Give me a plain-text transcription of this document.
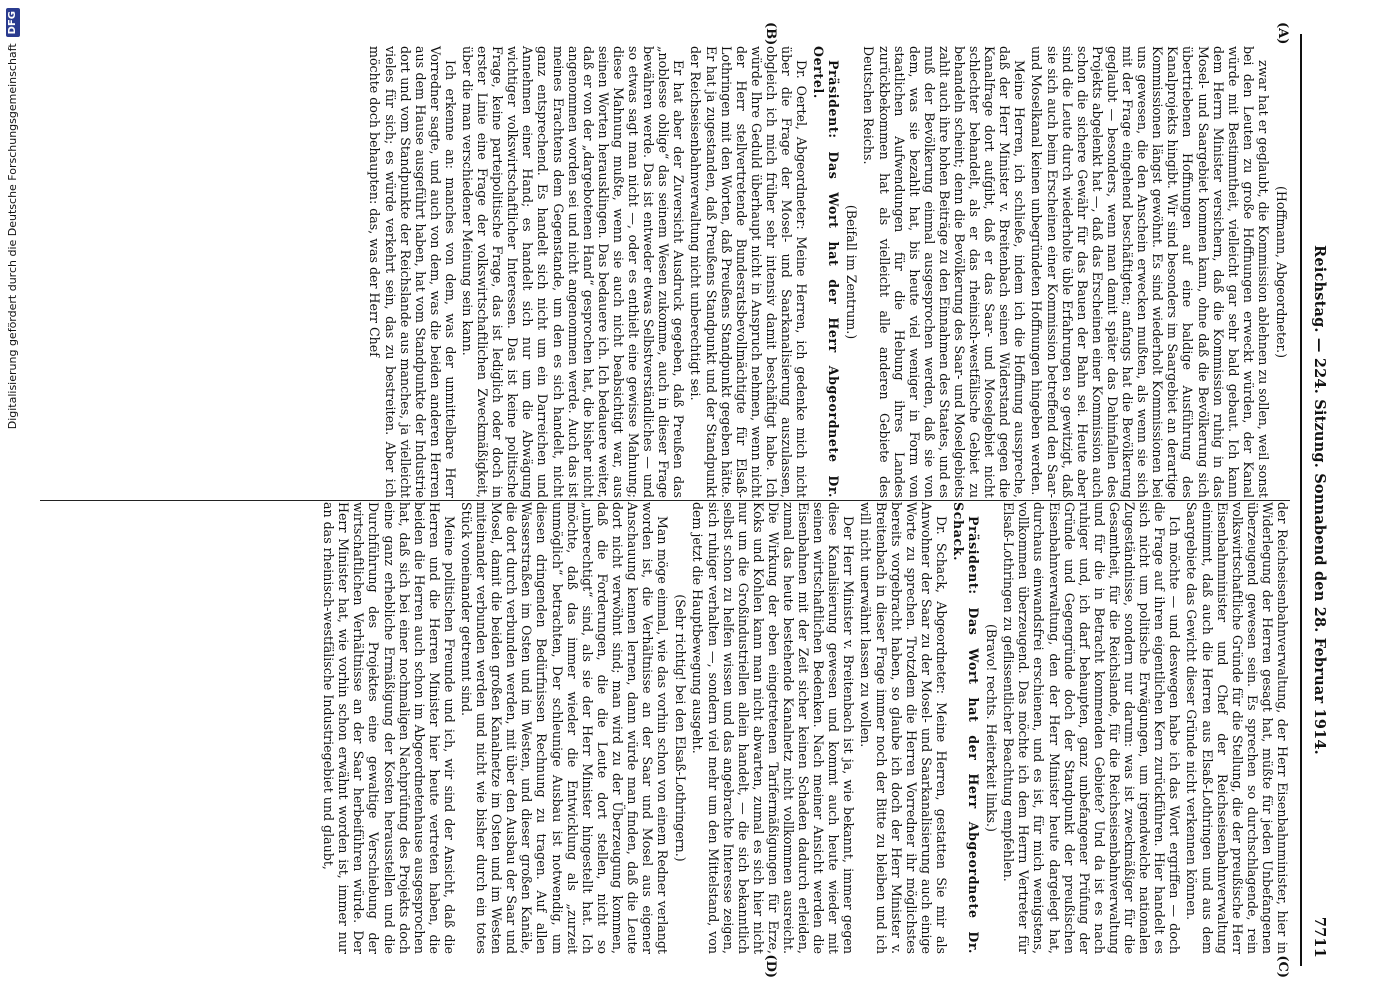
Digitalisierung gefördert durch die Deutsche Forschungsgemeinschaft
DFG
Reichstag. — 224. Sitzung. Sonnabend den 28. Februar 1914.
7711
(A)
(B)

(Hoffmann, Abgeordneter.)

zwar hat er geglaubt, die Kommission ablehnen zu sollen, weil sonst bei den Leuten zu große Hoffnungen erweckt würden, der Kanal würde mit Bestimmtheit, vielleicht gar sehr bald gebaut. Ich kann dem Herrn Minister versichern, daß die Kommission ruhig in das Mosel- und Saargebiet kommen kann, ohne daß die Bevölkerung sich übertriebenen Hoffnungen auf eine baldige Ausführung des Kanalprojekts hingibt. Wir sind besonders im Saargebiet an derartige Kommissionen längst gewöhnt. Es sind wiederholt Kommissionen bei uns gewesen, die den Anschein erwecken mußten, als wenn sie sich mit der Frage eingehend beschäftigten; anfangs hat die Bevölkerung geglaubt — besonders, wenn man damit später das Dahinfallen des Projekts abgelenkt hat —, daß das Erscheinen einer Kommission auch schon die sichere Gewähr für das Bauen der Bahn sei. Heute aber sind die Leute durch wiederholte üble Erfahrungen so gewitzigt, daß sie sich auch beim Erscheinen einer Kommission betreffend den Saar- und Moselkanal keinen unbegründeten Hoffnungen hingeben werden.

Meine Herren, ich schließe, indem ich die Hoffnung ausspreche, daß der Herr Minister v. Breitenbach seinen Widerstand gegen die Kanalfrage dort aufgibt, daß er das Saar- und Moselgebiet nicht schlechter behandelt, als er das rheinisch-westfälische Gebiet zu behandeln scheint; denn die Bevölkerung des Saar- und Moselgebiets zahlt auch ihre hohen Beiträge zu den Einnahmen des Staates, und es muß der Bevölkerung einmal ausgesprochen werden, daß sie von dem, was sie bezahlt hat, bis heute viel weniger in Form von staatlichen Aufwendungen für die Hebung ihres Landes zurückbekommen hat als vielleicht alle anderen Gebiete des Deutschen Reichs.

(Beifall im Zentrum.)

Präsident: Das Wort hat der Herr Abgeordnete Dr. Oertel.

Dr. Oertel, Abgeordneter: Meine Herren, ich gedenke mich nicht über die Frage der Mosel- und Saarkanalisierung auszulassen, obgleich ich mich früher sehr intensiv damit beschäftigt habe. Ich würde Ihre Geduld überhaupt nicht in Anspruch nehmen, wenn nicht der Herr stellvertretende Bundesratsbevollmächtigte für Elsaß-Lothringen mit den Worten, daß Preußens Standpunkt gegeben hätte. Er hat ja zugestanden, daß Preußens Standpunkt und der Standpunkt der Reichseisenbahnverwaltung nicht unberechtigt sei.

Er hat aber der Zuversicht Ausdruck gegeben, daß Preußen das „noblesse oblige“ das seinem Wesen zukomme, auch in dieser Frage bewähren werde. Das ist entweder etwas Selbstverständliches — und so etwas sagt man nicht —, oder es enthielt eine gewisse Mahnung; diese Mahnung mußte, wenn sie auch nicht beabsichtigt war, aus seinen Worten herausklingen. Das bedauere ich. Ich bedauere weiter, daß er von der „dargebotenen Hand“ gesprochen hat, die bisher nicht angenommen worden sei und nicht angenommen werde. Auch das ist meines Erachtens dem Gegenstande, um den es sich handelt, nicht ganz entsprechend. Es handelt sich nicht um ein Darreichen und Annehmen einer Hand; es handelt sich nur um die Abwägung wichtiger volkswirtschaftlicher Interessen. Das ist keine politische Frage, keine parteipolitische Frage, das ist lediglich oder doch in erster Linie eine Frage der volkswirtschaftlichen Zweckmäßigkeit, über die man verschiedener Meinung sein kann.

Ich erkenne an: manches von dem, was der unmittelbare Herr Vorredner sagte, und auch von dem, was die beiden anderen Herren aus dem Hause ausgeführt haben, hat vom Standpunkte der Industrie dort und vom Standpunkte der Reichslande aus manches, ja vielleicht vieles für sich; es würde verkehrt sein, das zu bestreiten. Aber ich möchte doch behaupten: das, was der Herr Chef

(C)
(D)

der Reichseisenbahnverwaltung, der Herr Eisenbahnminister, hier in Widerlegung der Herren gesagt hat, müßte für jeden Unbefangenen überzeugend gewesen sein. Es sprechen so durchschlagende, rein volkswirtschaftliche Gründe für die Stellung, die der preußische Herr Eisenbahnminister und Chef der Reichseisenbahnverwaltung einnimmt, daß auch die Herren aus Elsaß-Lothringen und aus dem Saargebiete das Gewicht dieser Gründe nicht verkennen können.

Ich möchte — und deswegen habe ich das Wort ergriffen — doch die Frage auf ihren eigentlichen Kern zurückführen. Hier handelt es sich nicht um politische Erwägungen, um irgendwelche nationalen Zugeständnisse, sondern nur darum: was ist zweckmäßiger für die Gesamtheit, für die Reichslande, für die Reichseisenbahnverwaltung und für die in Betracht kommenden Gebiete? Und da ist es nach ruhiger und, ich darf behaupten, ganz unbefangener Prüfung der Gründe und Gegengründe doch der Standpunkt der preußischen Eisenbahnverwaltung, den der Herr Minister heute dargelegt hat, durchaus einwandsfrei erschienen, und es ist, für mich wenigstens, vollkommen überzeugend. Das möchte ich dem Herrn Vertreter für Elsaß-Lothringen zu geflissentlicher Beachtung empfehlen.

(Bravo! rechts. Heiterkeit links.)

Präsident: Das Wort hat der Herr Abgeordnete Dr. Schack.

Dr. Schack, Abgeordneter: Meine Herren, gestatten Sie mir als Anwohner der Saar zu der Mosel- und Saarkanalisierung auch einige Worte zu sprechen. Trotzdem die Herren Vorredner ihr möglichstes bereits vorgebracht haben, so glaube ich doch der Herr Minister v. Breitenbach in dieser Frage immer noch der Bitte zu bleiben und ich will nicht unerwähnt lassen zu wollen.

Der Herr Minister v. Breitenbach ist ja, wie bekannt, immer gegen diese Kanalisierung gewesen und kommt auch heute wieder mit seinen wirtschaftlichen Bedenken. Nach meiner Ansicht werden die Eisenbahnen mit der Zeit sicher keinen Schaden dadurch erleiden, zumal das heute bestehende Kanalnetz nicht vollkommen ausreicht. Die Wirkung der eben eingetretenen Tarifermäßigungen für Erze, Koks und Kohlen kann man nicht abwarten, zumal es sich hier nicht nur um die Großindustriellen allein handelt, — die sich bekanntlich selbst schon zu helfen wissen und das angebrachte Interesse zeigen, sich ruhiger verhalten —, sondern viel mehr um den Mittelstand, von dem jetzt die Hauptbewegung ausgeht.

(Sehr richtig! bei den Elsaß-Lothringern.)

Man möge einmal, wie das vorhin schon von einem Redner verlangt worden ist, die Verhältnisse an der Saar und Mosel aus eigener Anschauung kennen lernen, dann würde man finden, daß die Leute dort nicht verwöhnt sind; man wird zu der Überzeugung kommen, daß die Forderungen, die die Leute dort stellen, nicht so „unberechtigt“ sind, als sie der Herr Minister hingestellt hat. Ich möchte, daß das immer wieder die Entwicklung als „zurzeit unmöglich“ betrachten, Der schleunige Ausbau ist notwendig, um diesen dringenden Bedürfnissen Rechnung zu tragen. Auf allen Wasserstraßen im Osten und im Westen, und dieser großen Kanäle, die dort durch verbunden werden, mit über den Ausbau der Saar und Mosel, damit die beiden großen Kanalnetze im Osten und im Westen miteinander verbunden werden und nicht wie bisher durch ein totes Stück voneinander getrennt sind.

Meine politischen Freunde und ich, wir sind der Ansicht, daß die Herren und die Herren Minister hier heute vertreten haben, die beiden die Herren auch schon im Abgeordnetenhause ausgesprochen hat, daß sich bei einer nochmaligen Nachprüfung des Projekts doch eine ganz erhebliche Ermäßigung der Kosten herausstellen und die Durchführung des Projektes eine gewaltige Verschiebung der wirtschaftlichen Verhältnisse an der Saar herbeiführen würde. Der Herr Minister hat, wie vorhin schon erwähnt worden ist, immer nur an das rheinisch-westfälische Industriegebiet und glaubt,
